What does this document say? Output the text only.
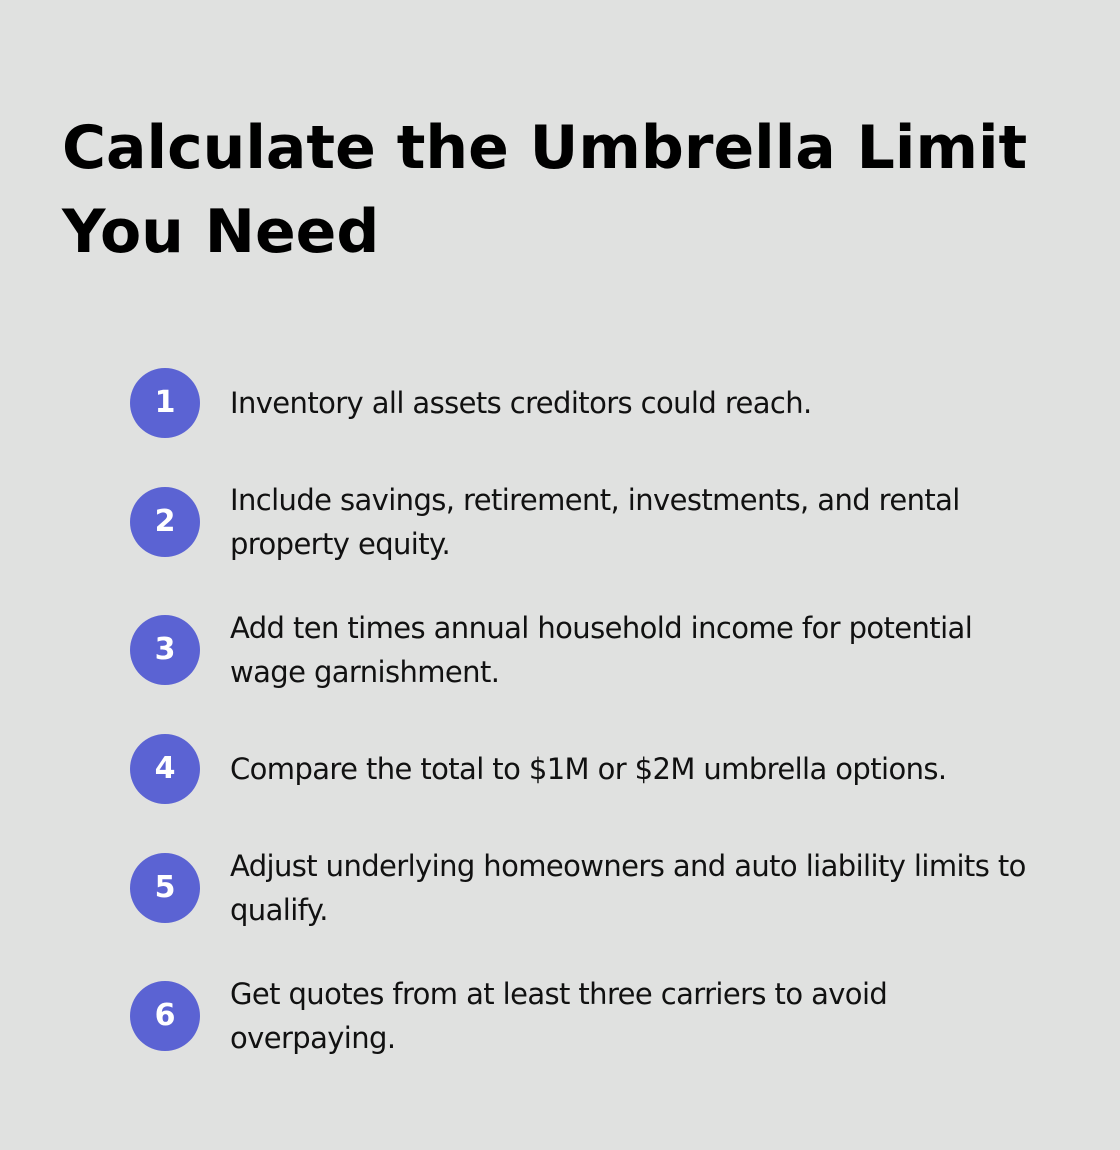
Calculate the Umbrella Limit You Need
1	Inventory all assets creditors could reach.
2
Include savings, retirement, investments, and rental property equity.
3
Add ten times annual household income for potential wage garnishment.
4	Compare the total to $1M or $2M umbrella options.
5
Adjust underlying homeowners and auto liability limits to qualify.
6
Get quotes from at least three carriers to avoid overpaying.
